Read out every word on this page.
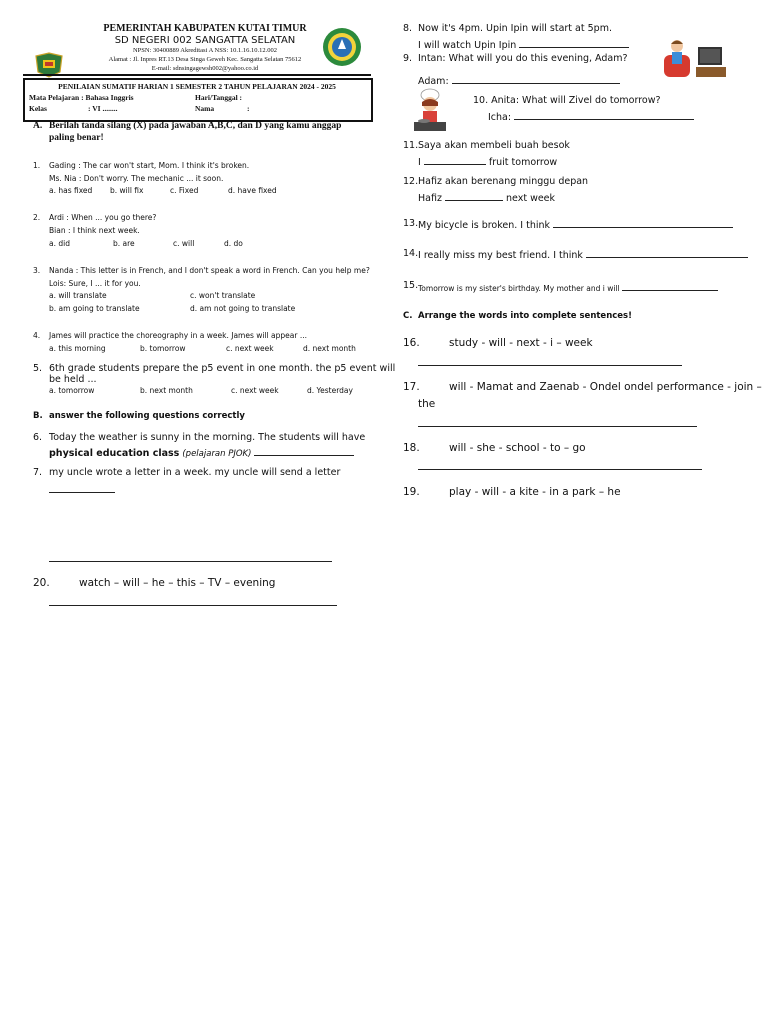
PEMERINTAH KABUPATEN KUTAI TIMUR
SD NEGERI 002 SANGATTA SELATAN
NPSN: 30400889 Akreditasi A NSS: 10.1.16.10.12.002
Alamat : Jl. Inpres RT.13 Desa Singa Geweh Kec. Sangatta Selatan 75612
E-mail: sdnsingagewsh002@yahoo.co.id
PENILAIAN SUMATIF HARIAN 1 SEMESTER 2 TAHUN PELAJARAN 2024 - 2025
Mata Pelajaran : Bahasa Inggris	Hari/Tanggal :
Kelas	: VI ........	Nama	:
A. Berilah tanda silang (X) pada jawaban A,B,C, dan D yang kamu anggap
paling benar!
1. Gading : The car won't start, Mom. I think it's broken.
Ms. Nia : Don't worry. The mechanic ... it soon.
a. has fixed b. will fix	c. Fixed	d. have fixed
2. Ardi : When ... you go there?
Bian : I think next week.
a. did	b. are	c. will	d. do
3. Nanda : This letter is in French, and I don't speak a word in French. Can you help me?
Lois: Sure, I ... it for you.
a. will translate	c. won't translate
b. am going to translate	d. am not going to translate
4. James will practice the choreography in a week. James will appear ...
a. this morning	b. tomorrow	c. next week	d. next month
5. 6th grade students prepare the p5 event in one month. the p5 event will
be held ...
a. tomorrow	b. next month	c. next week	d. Yesterday
B. answer the following questions correctly
6. Today the weather is sunny in the morning. The students will have
physical education class (pelajaran PJOK)
7. my uncle wrote a letter in a week. my uncle will send a letter
20.	watch – will – he – this – TV – evening
8. Now it's 4pm. Upin Ipin will start at 5pm.
I will watch Upin Ipin
9. Intan: What will you do this evening, Adam?
Adam:
10. Anita: What will Zivel do tomorrow?
Icha:
11. Saya akan membeli buah besok
I	fruit tomorrow
12. Hafiz akan berenang minggu depan
Hafiz	next week
13. My bicycle is broken. I think
14. I really miss my best friend. I think
15. Tomorrow is my sister's birthday. My mother and i will
C. Arrange the words into complete sentences!
16.	study - will - next - i – week
17.	will - Mamat and Zaenab - Ondel ondel performance - join –
the
18.	will - she - school - to – go
19.	play - will - a kite - in a park – he
